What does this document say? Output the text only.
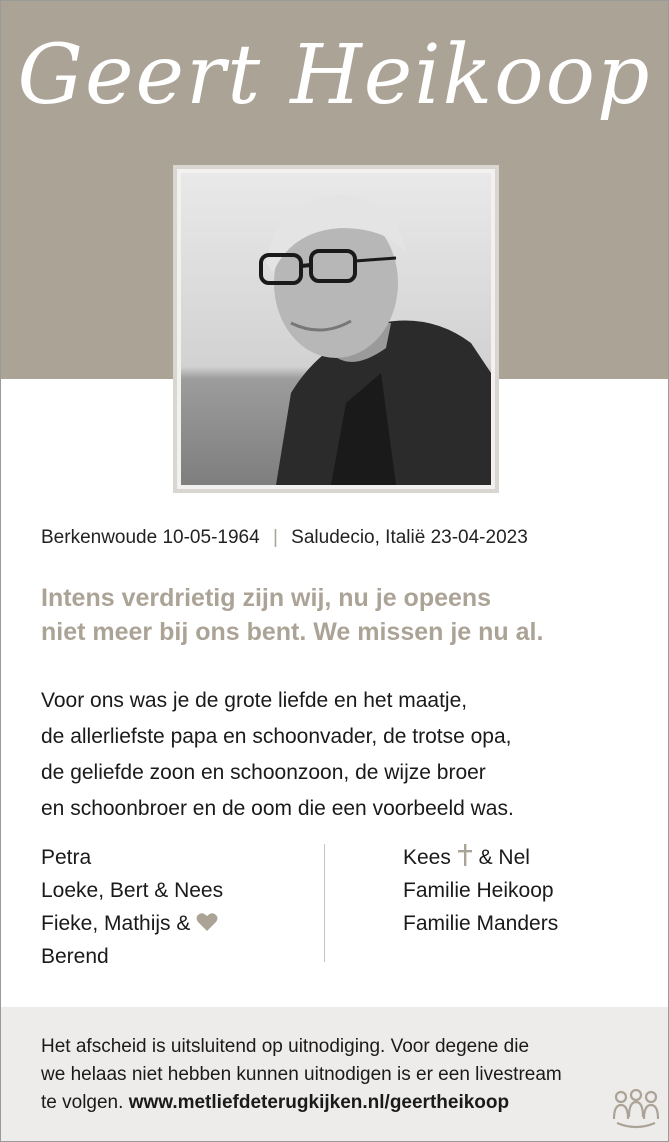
Geert Heikoop
Berkenwoude 10-05-1964 | Saludecio, Italië 23-04-2023
Intens verdrietig zijn wij, nu je opeens
niet meer bij ons bent. We missen je nu al.
Voor ons was je de grote liefde en het maatje,
de allerliefste papa en schoonvader, de trotse opa,
de geliefde zoon en schoonzoon, de wijze broer
en schoonbroer en de oom die een voorbeeld was.
Petra
Loeke, Bert & Nees
Fieke, Mathijs &
Berend
Kees & Nel
Familie Heikoop
Familie Manders
Het afscheid is uitsluitend op uitnodiging. Voor degene die
we helaas niet hebben kunnen uitnodigen is er een livestream
te volgen. www.metliefdeterugkijken.nl/geertheikoop
